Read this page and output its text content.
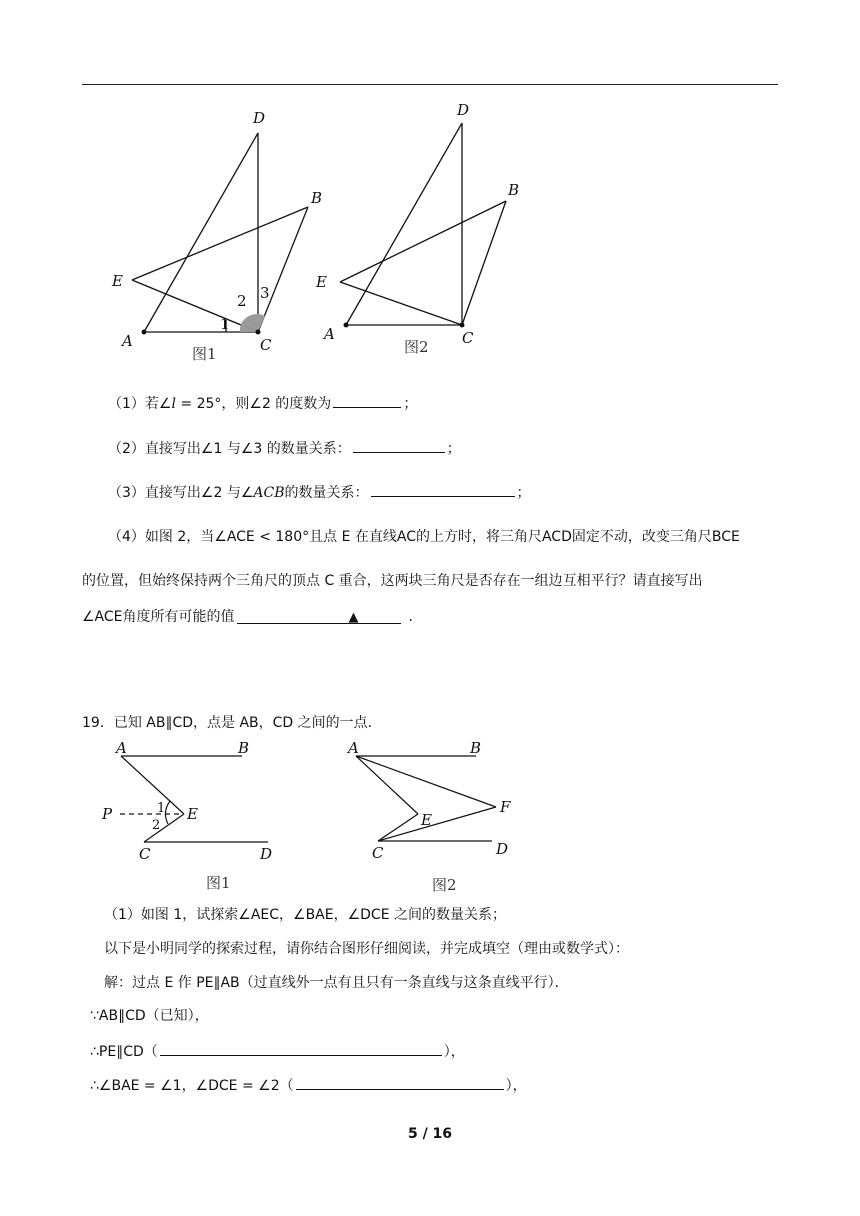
D
B
E
A	C
1
2 3
图1
D
B
E
A	C
图2
（1）若∠l = 25°，则∠2 的度数为	；
（2）直接写出∠1 与∠3 的数量关系：	；
（3）直接写出∠2 与∠ACB的数量关系：	；
（4）如图 2，当∠ACE < 180°且点 E 在直线AC的上方时，将三角尺ACD固定不动，改变三角尺BCE
的位置，但始终保持两个三角尺的顶点 C 重合，这两块三角尺是否存在一组边互相平行？请直接写出
∠ACE角度所有可能的值	▲	．
19．已知 AB∥CD，点是 AB，CD 之间的一点．
A	B
P	E
C	D
1
2
图1
A	B
E
F
C	D
图2
（1）如图 1，试探索∠AEC，∠BAE，∠DCE 之间的数量关系；
以下是小明同学的探索过程，请你结合图形仔细阅读，并完成填空（理由或数学式）：
解：过点 E 作 PE∥AB（过直线外一点有且只有一条直线与这条直线平行）．
∵AB∥CD（已知），
∴PE∥CD（	），
∴∠BAE = ∠1，∠DCE = ∠2（	），
5 / 16
